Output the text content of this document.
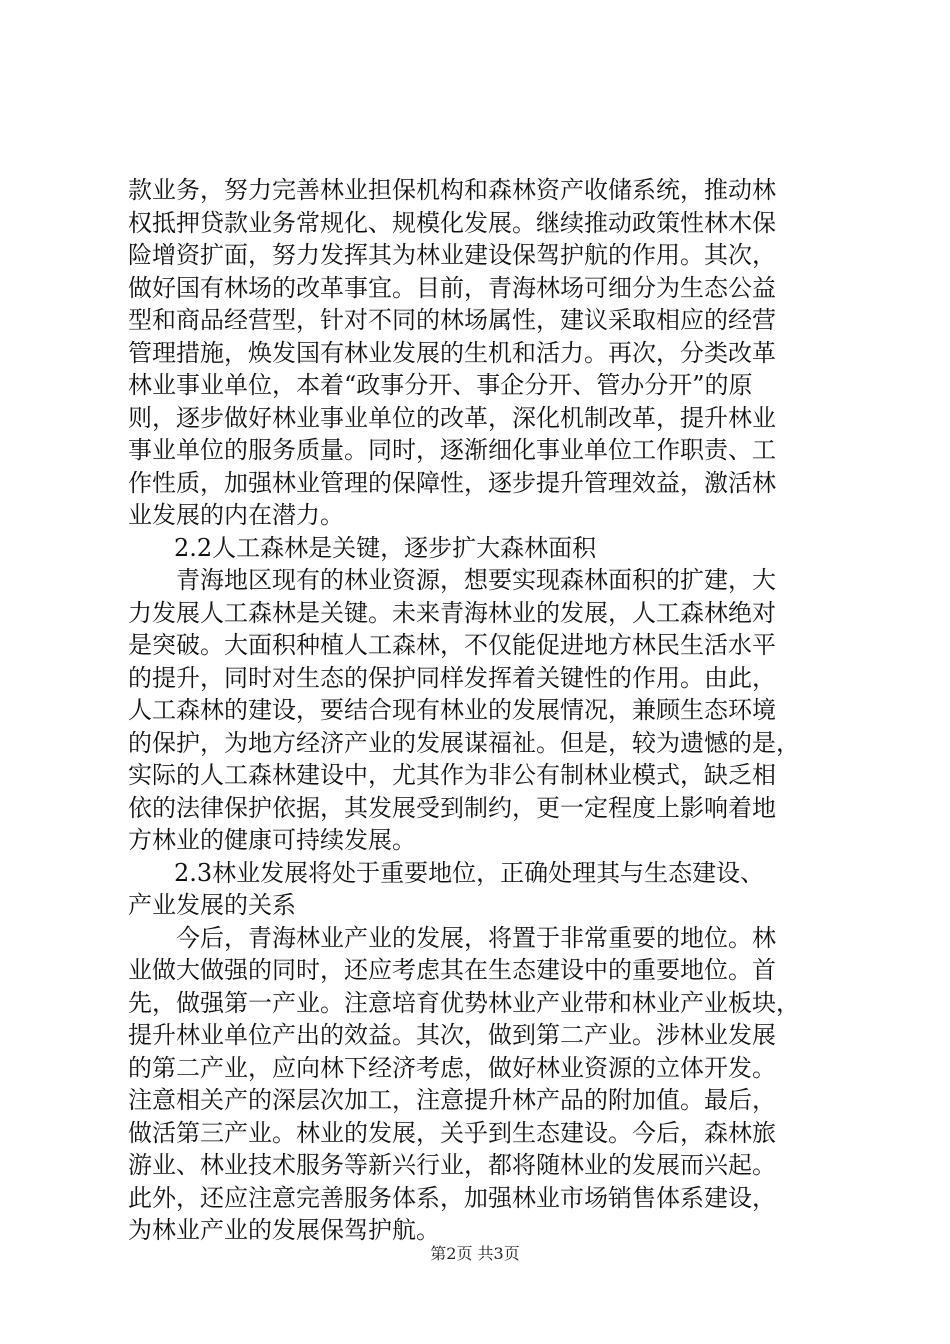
款业务，努力完善林业担保机构和森林资产收储系统，推动林
权抵押贷款业务常规化、规模化发展。继续推动政策性林木保
险增资扩面，努力发挥其为林业建设保驾护航的作用。其次，
做好国有林场的改革事宜。目前，青海林场可细分为生态公益
型和商品经营型，针对不同的林场属性，建议采取相应的经营
管理措施，焕发国有林业发展的生机和活力。再次，分类改革
林业事业单位，本着“政事分开、事企分开、管办分开”的原
则，逐步做好林业事业单位的改革，深化机制改革，提升林业
事业单位的服务质量。同时，逐渐细化事业单位工作职责、工
作性质，加强林业管理的保障性，逐步提升管理效益，激活林
业发展的内在潜力。
2.2人工森林是关键，逐步扩大森林面积
青海地区现有的林业资源，想要实现森林面积的扩建，大
力发展人工森林是关键。未来青海林业的发展，人工森林绝对
是突破。大面积种植人工森林，不仅能促进地方林民生活水平
的提升，同时对生态的保护同样发挥着关键性的作用。由此，
人工森林的建设，要结合现有林业的发展情况，兼顾生态环境
的保护，为地方经济产业的发展谋福祉。但是，较为遗憾的是，
实际的人工森林建设中，尤其作为非公有制林业模式，缺乏相
依的法律保护依据，其发展受到制约，更一定程度上影响着地
方林业的健康可持续发展。
2.3林业发展将处于重要地位，正确处理其与生态建设、
产业发展的关系
今后，青海林业产业的发展，将置于非常重要的地位。林
业做大做强的同时，还应考虑其在生态建设中的重要地位。首
先，做强第一产业。注意培育优势林业产业带和林业产业板块，
提升林业单位产出的效益。其次，做到第二产业。涉林业发展
的第二产业，应向林下经济考虑，做好林业资源的立体开发。
注意相关产的深层次加工，注意提升林产品的附加值。最后，
做活第三产业。林业的发展，关乎到生态建设。今后，森林旅
游业、林业技术服务等新兴行业，都将随林业的发展而兴起。
此外，还应注意完善服务体系，加强林业市场销售体系建设，
为林业产业的发展保驾护航。
第2页 共3页
